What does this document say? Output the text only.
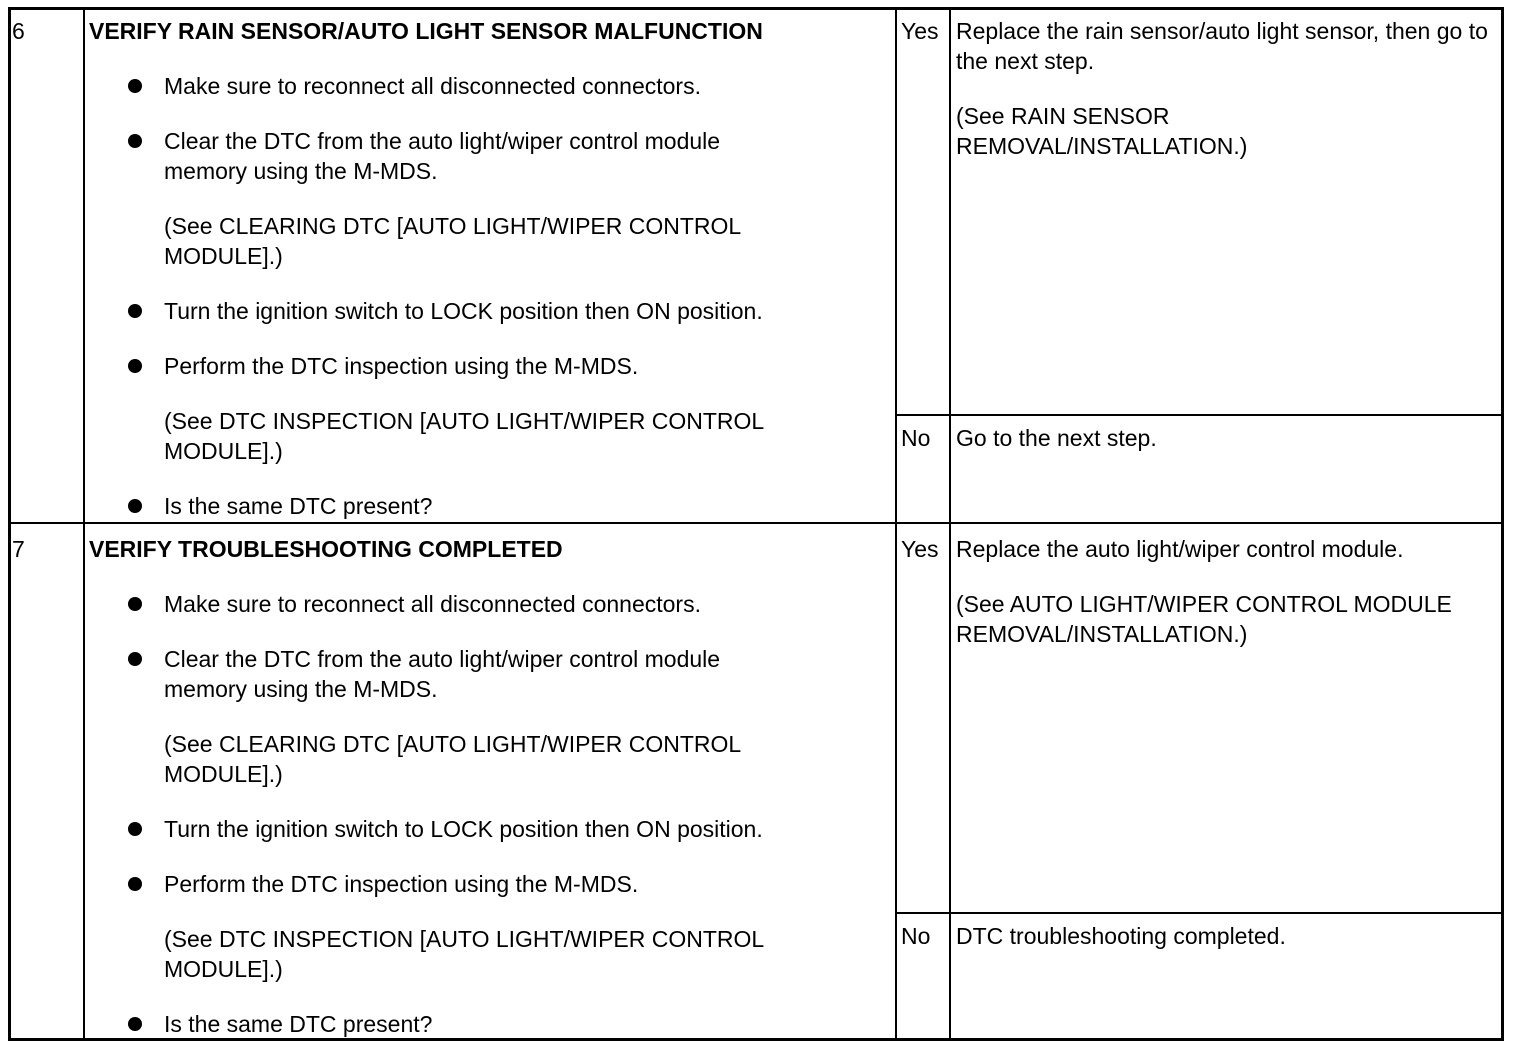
6	VERIFY RAIN SENSOR/AUTO LIGHT SENSOR MALFUNCTION
Make sure to reconnect all disconnected connectors.
Clear the DTC from the auto light/wiper control module memory using the M-MDS.
(See CLEARING DTC [AUTO LIGHT/WIPER CONTROL MODULE].)
Turn the ignition switch to LOCK position then ON position.
Perform the DTC inspection using the M-MDS.
(See DTC INSPECTION [AUTO LIGHT/WIPER CONTROL MODULE].)
Is the same DTC present?
Yes Replace the rain sensor/auto light sensor, then go to the next step.
(See RAIN SENSOR REMOVAL/INSTALLATION.)
No Go to the next step.
7	VERIFY TROUBLESHOOTING COMPLETED
Make sure to reconnect all disconnected connectors.
Clear the DTC from the auto light/wiper control module memory using the M-MDS.
(See CLEARING DTC [AUTO LIGHT/WIPER CONTROL MODULE].)
Turn the ignition switch to LOCK position then ON position.
Perform the DTC inspection using the M-MDS.
(See DTC INSPECTION [AUTO LIGHT/WIPER CONTROL MODULE].)
Is the same DTC present?
Yes Replace the auto light/wiper control module.
(See AUTO LIGHT/WIPER CONTROL MODULE REMOVAL/INSTALLATION.)
No DTC troubleshooting completed.
